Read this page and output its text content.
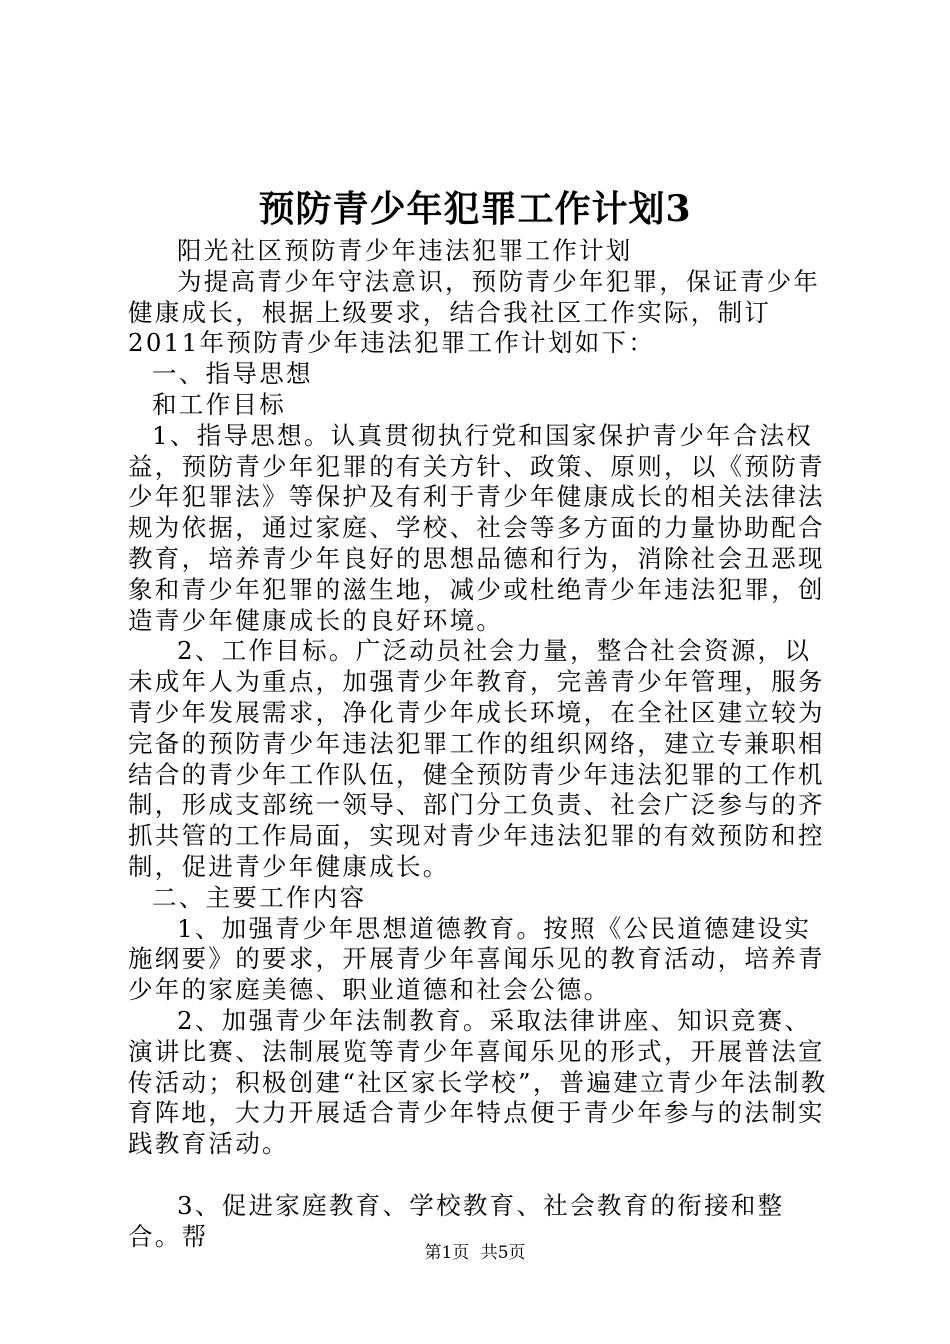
预防青少年犯罪工作计划3

阳光社区预防青少年违法犯罪工作计划

为提高青少年守法意识，预防青少年犯罪，保证青少年健康成长，根据上级要求，结合我社区工作实际，制订2011年预防青少年违法犯罪工作计划如下：

一、指导思想

和工作目标

1、指导思想。认真贯彻执行党和国家保护青少年合法权益，预防青少年犯罪的有关方针、政策、原则，以《预防青少年犯罪法》等保护及有利于青少年健康成长的相关法律法规为依据，通过家庭、学校、社会等多方面的力量协助配合教育，培养青少年良好的思想品德和行为，消除社会丑恶现象和青少年犯罪的滋生地，减少或杜绝青少年违法犯罪，创造青少年健康成长的良好环境。

2、工作目标。广泛动员社会力量，整合社会资源，以未成年人为重点，加强青少年教育，完善青少年管理，服务青少年发展需求，净化青少年成长环境，在全社区建立较为完备的预防青少年违法犯罪工作的组织网络，建立专兼职相结合的青少年工作队伍，健全预防青少年违法犯罪的工作机制，形成支部统一领导、部门分工负责、社会广泛参与的齐抓共管的工作局面，实现对青少年违法犯罪的有效预防和控制，促进青少年健康成长。

二、主要工作内容

1、加强青少年思想道德教育。按照《公民道德建设实施纲要》的要求，开展青少年喜闻乐见的教育活动，培养青少年的家庭美德、职业道德和社会公德。

2、加强青少年法制教育。采取法律讲座、知识竞赛、演讲比赛、法制展览等青少年喜闻乐见的形式，开展普法宣传活动；积极创建“社区家长学校”，普遍建立青少年法制教育阵地，大力开展适合青少年特点便于青少年参与的法制实践教育活动。

3、促进家庭教育、学校教育、社会教育的衔接和整合。帮

第1页 共5页
